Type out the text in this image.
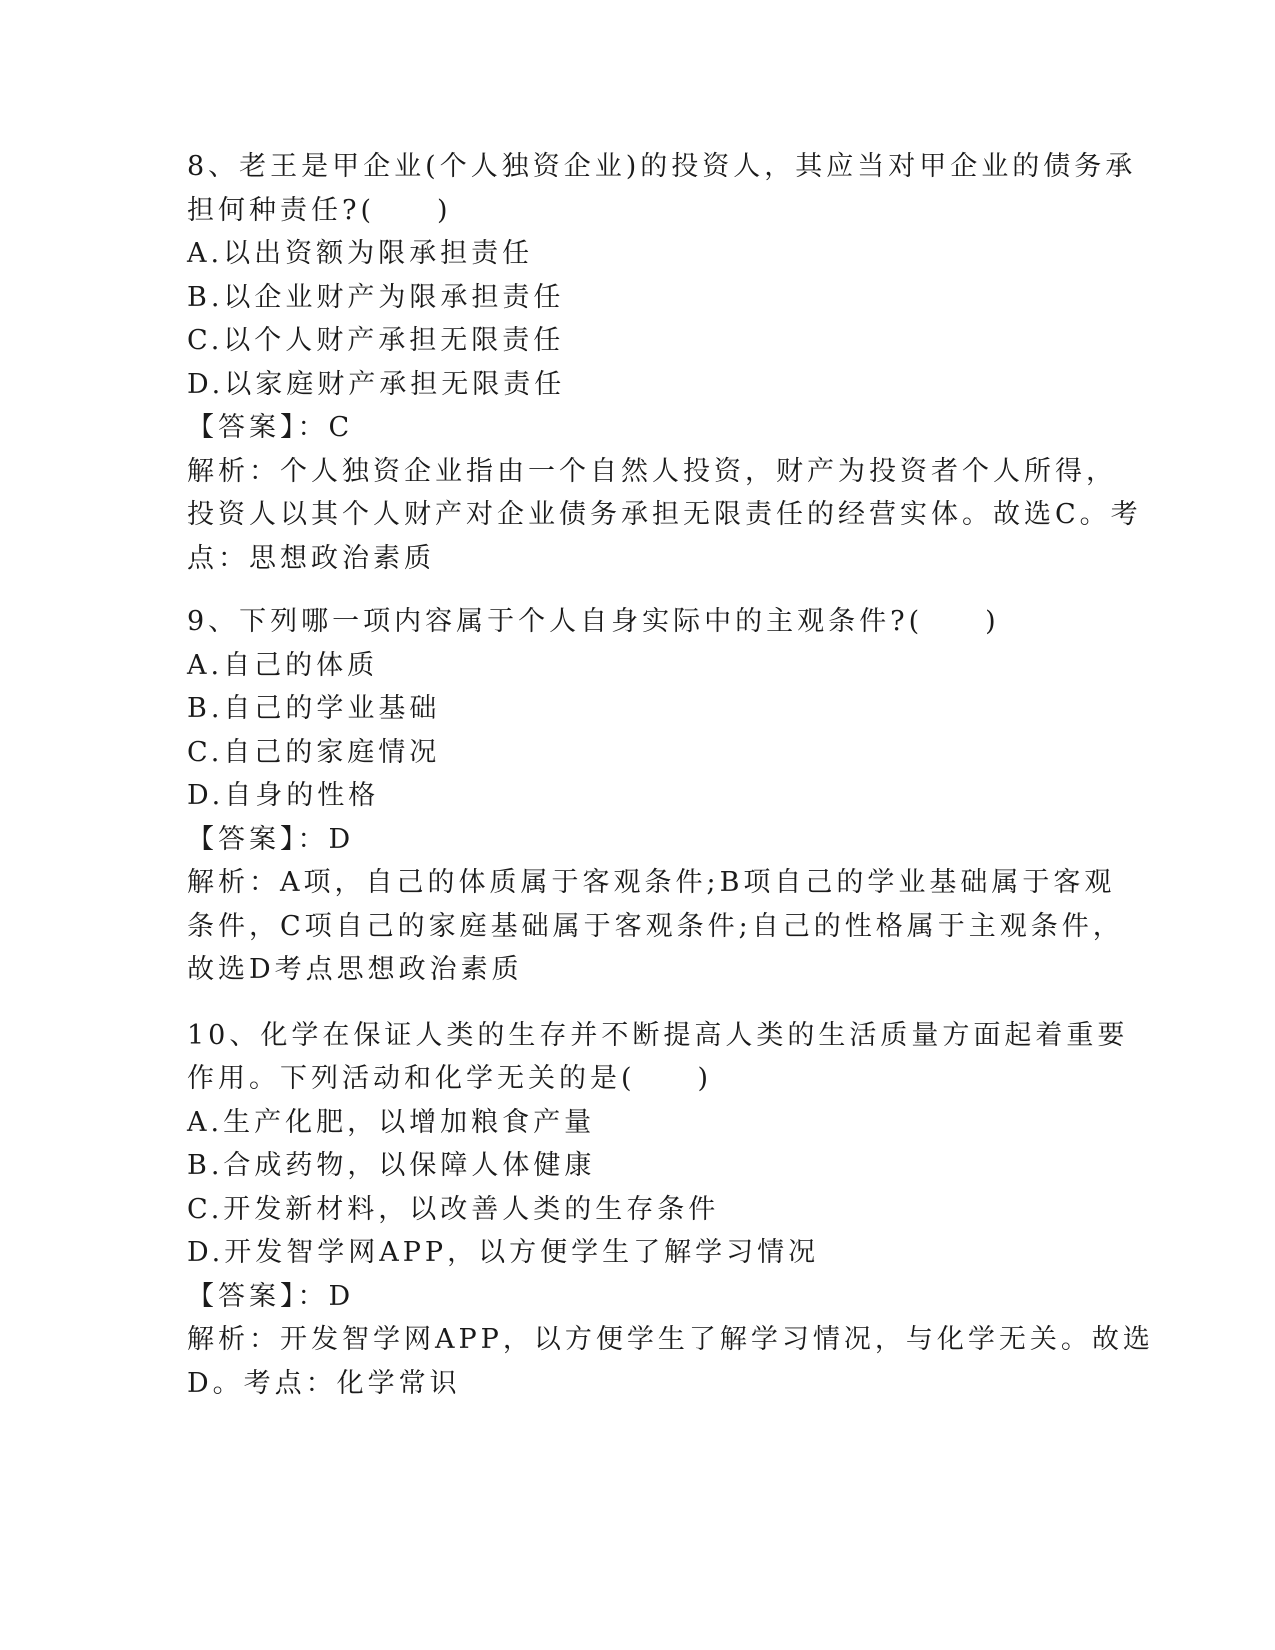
8、老王是甲企业(个人独资企业)的投资人，其应当对甲企业的债务承
担何种责任?(　　)
A.以出资额为限承担责任
B.以企业财产为限承担责任
C.以个人财产承担无限责任
D.以家庭财产承担无限责任
【答案】：C
解析：个人独资企业指由一个自然人投资，财产为投资者个人所得，
投资人以其个人财产对企业债务承担无限责任的经营实体。故选C。考
点：思想政治素质
9、下列哪一项内容属于个人自身实际中的主观条件?(　　)
A.自己的体质
B.自己的学业基础
C.自己的家庭情况
D.自身的性格
【答案】：D
解析：A项，自己的体质属于客观条件;B项自己的学业基础属于客观
条件，C项自己的家庭基础属于客观条件;自己的性格属于主观条件，
故选D考点思想政治素质
10、化学在保证人类的生存并不断提高人类的生活质量方面起着重要
作用。下列活动和化学无关的是(　　)
A.生产化肥，以增加粮食产量
B.合成药物，以保障人体健康
C.开发新材料，以改善人类的生存条件
D.开发智学网APP，以方便学生了解学习情况
【答案】：D
解析：开发智学网APP，以方便学生了解学习情况，与化学无关。故选
D。考点：化学常识
